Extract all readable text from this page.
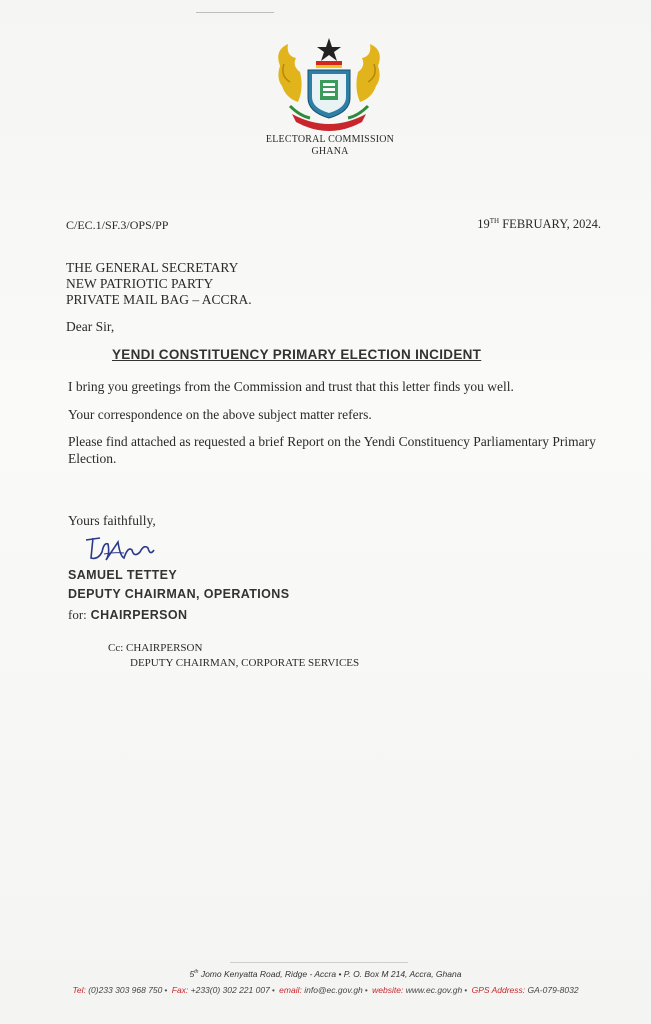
ELECTORAL COMMISSION
GHANA
C/EC.1/SF.3/OPS/PP	19TH FEBRUARY, 2024.
THE GENERAL SECRETARY
NEW PATRIOTIC PARTY
PRIVATE MAIL BAG – ACCRA.
Dear Sir,
YENDI CONSTITUENCY PRIMARY ELECTION INCIDENT
I bring you greetings from the Commission and trust that this letter finds you well.
Your correspondence on the above subject matter refers.
Please find attached as requested a brief Report on the Yendi Constituency Parliamentary Primary Election.
Yours faithfully,
SAMUEL TETTEY
DEPUTY CHAIRMAN, OPERATIONS
for: CHAIRPERSON
Cc: CHAIRPERSON
DEPUTY CHAIRMAN, CORPORATE SERVICES
5th Jomo Kenyatta Road, Ridge - Accra • P. O. Box M 214, Accra, Ghana
Tel: (0)233 303 968 750 • Fax: +233(0) 302 221 007 • email: info@ec.gov.gh • website: www.ec.gov.gh • GPS Address: GA-079-8032
